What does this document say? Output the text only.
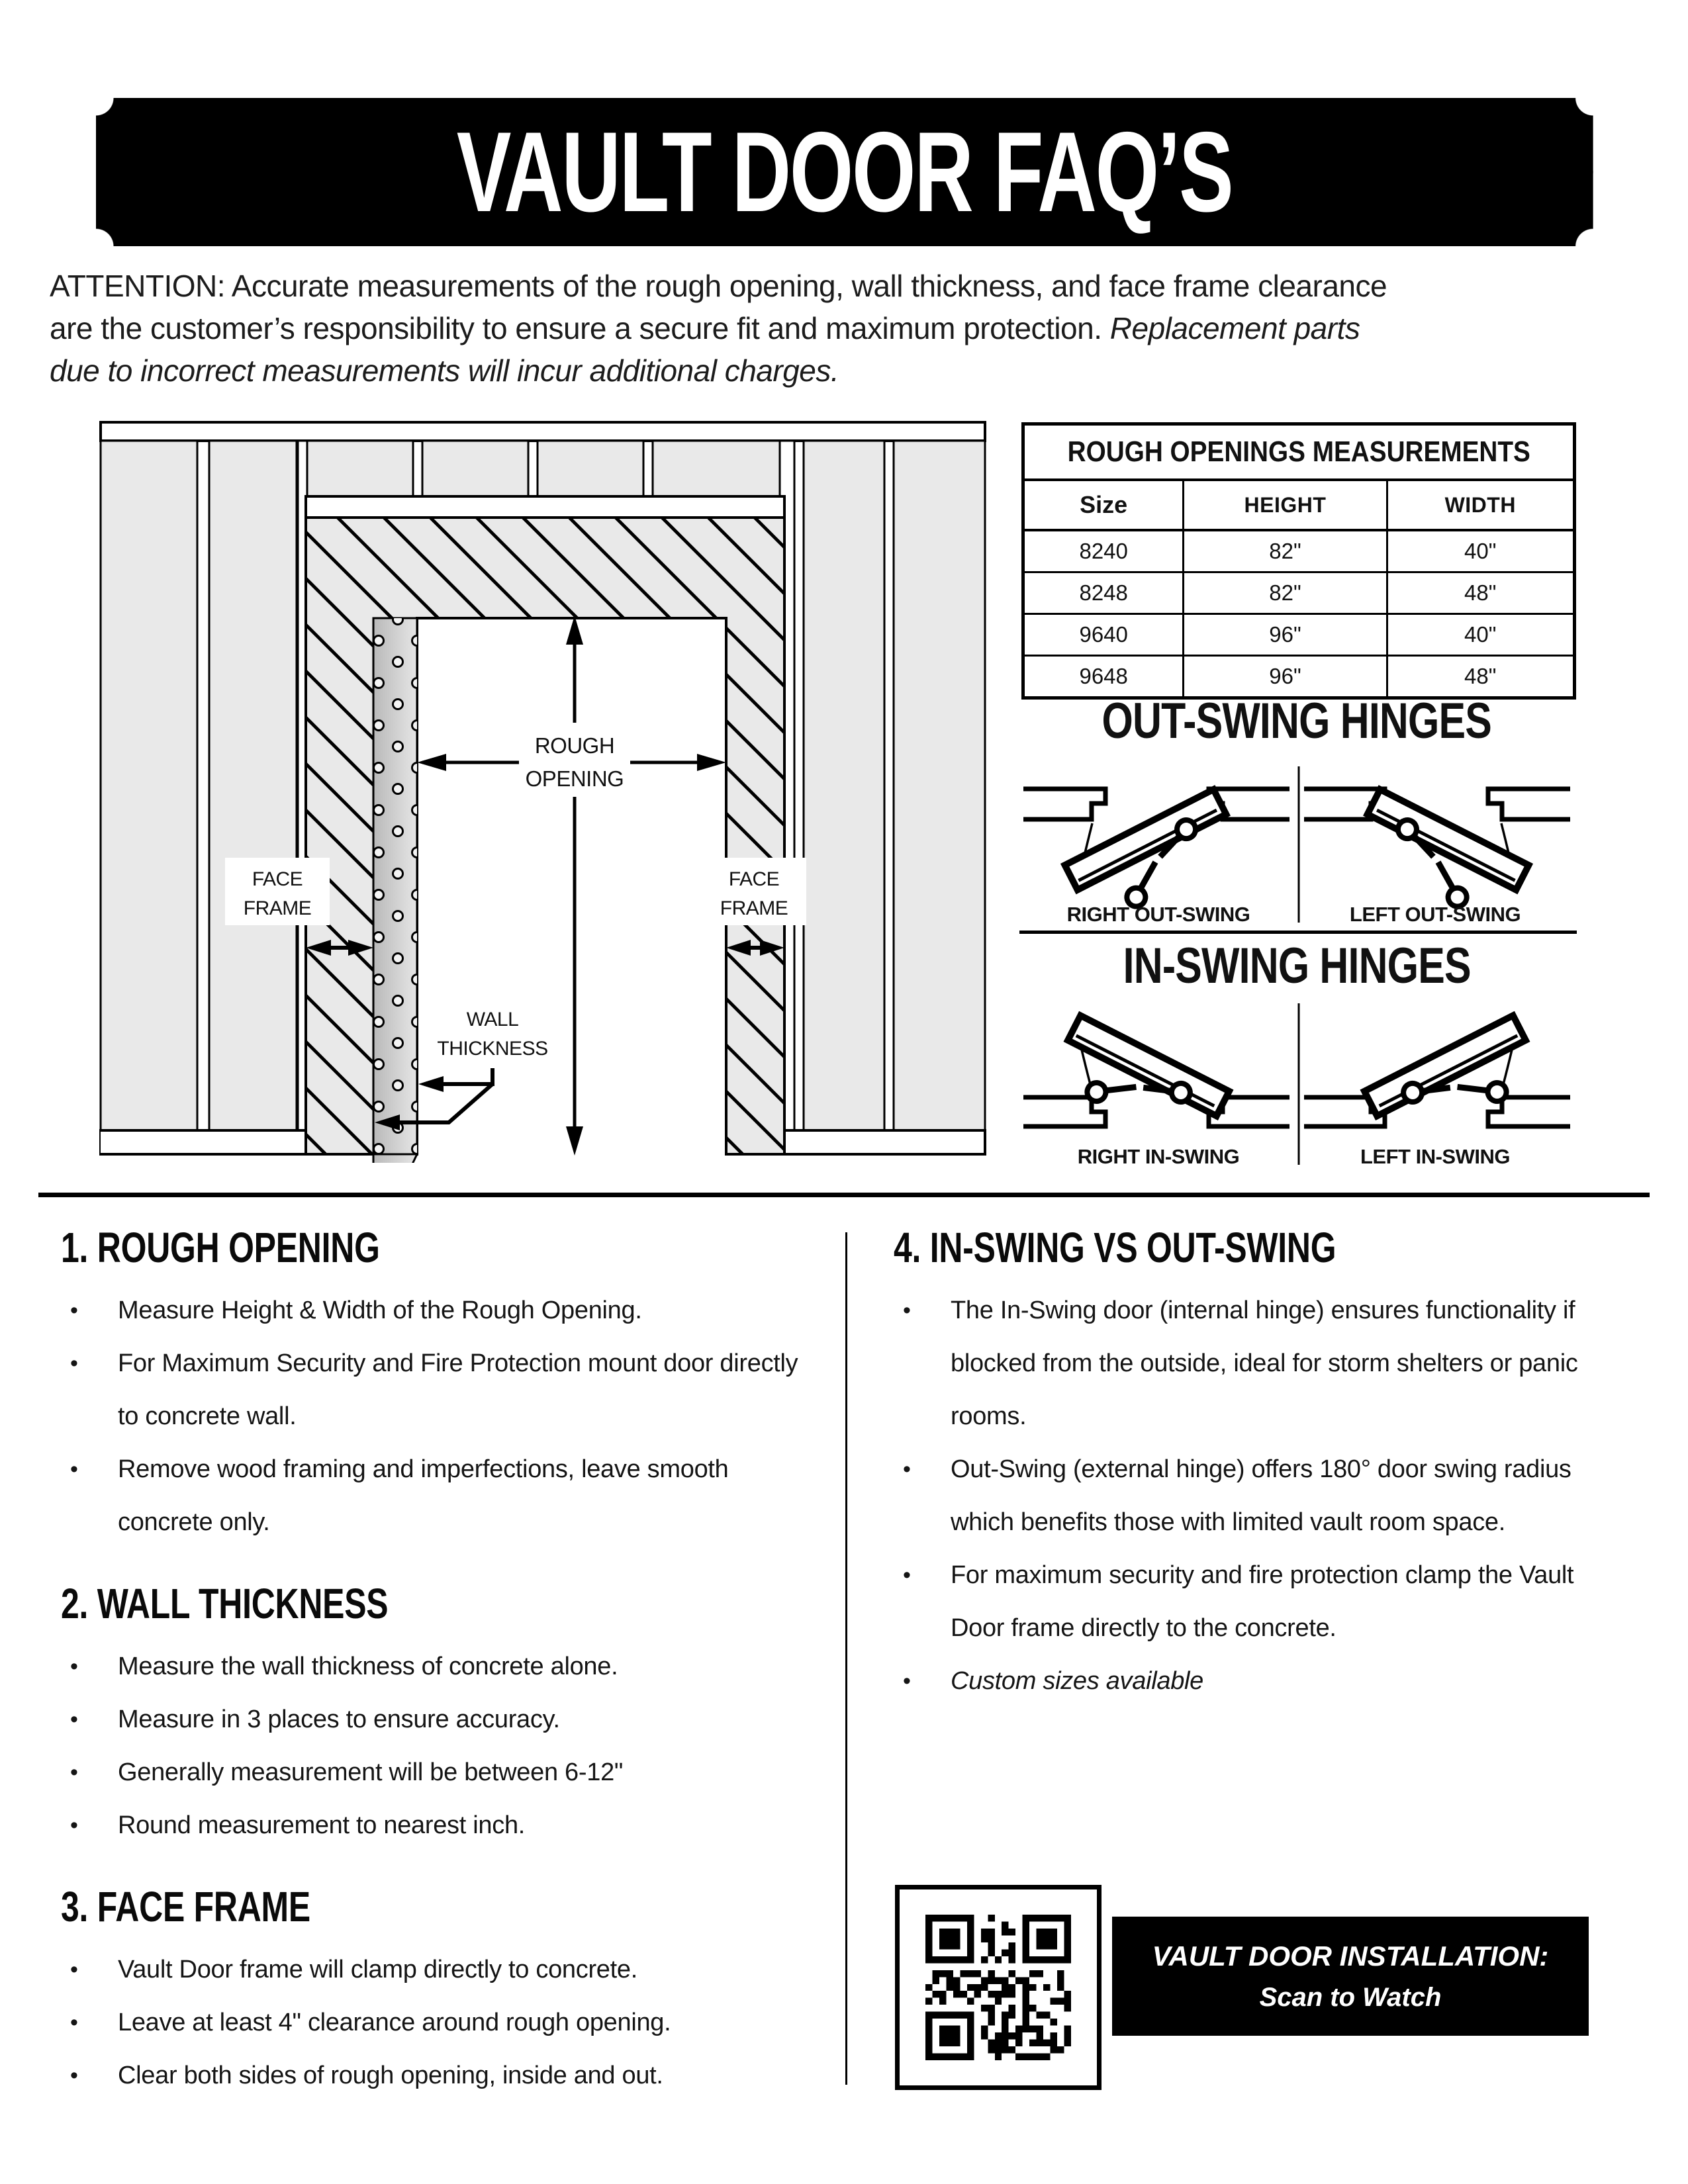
VAULT DOOR FAQ’S
ATTENTION: Accurate measurements of the rough opening, wall thickness, and face frame clearance
are the customer’s responsibility to ensure a secure fit and maximum protection. Replacement parts
due to incorrect measurements will incur additional charges.
ROUGH
OPENING
FACE
FRAME
FACE
FRAME
WALL
THICKNESS
ROUGH OPENINGS MEASUREMENTS
Size	HEIGHT	WIDTH
8240	82"	40"
8248	82"	48"
9640	96"	40"
9648	96"	48"
OUT-SWING HINGES
RIGHT OUT-SWING	LEFT OUT-SWING
IN-SWING HINGES
RIGHT IN-SWING	LEFT IN-SWING
1. ROUGH OPENING
• Measure Height & Width of the Rough Opening.
• For Maximum Security and Fire Protection mount door directly to concrete wall.
• Remove wood framing and imperfections, leave smooth concrete only.
2. WALL THICKNESS
• Measure the wall thickness of concrete alone.
• Measure in 3 places to ensure accuracy.
• Generally measurement will be between 6-12"
• Round measurement to nearest inch.
3. FACE FRAME
• Vault Door frame will clamp directly to concrete.
• Leave at least 4" clearance around rough opening.
• Clear both sides of rough opening, inside and out.
4. IN-SWING VS OUT-SWING
• The In-Swing door (internal hinge) ensures functionality if blocked from the outside, ideal for storm shelters or panic rooms.
• Out-Swing (external hinge) offers 180° door swing radius which benefits those with limited vault room space.
• For maximum security and fire protection clamp the Vault Door frame directly to the concrete.
• Custom sizes available
VAULT DOOR INSTALLATION:
Scan to Watch
